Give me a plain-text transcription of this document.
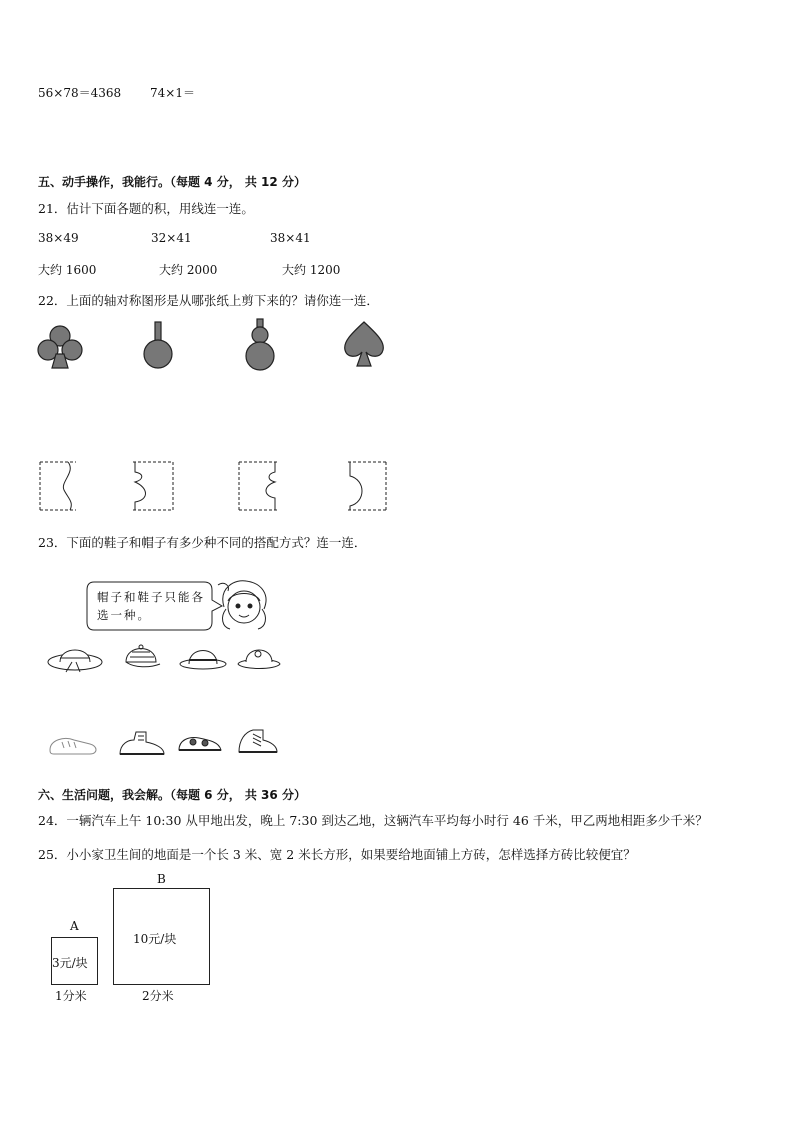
56×78＝4368 74×1＝
五、动手操作，我能行。（每题 4 分， 共 12 分）
21．估计下面各题的积，用线连一连。
38×49	32×41	38×41
大约 1600	大约 2000	大约 1200
22．上面的轴对称图形是从哪张纸上剪下来的？请你连一连．
23．下面的鞋子和帽子有多少种不同的搭配方式？连一连．
帽子和鞋子只能各选一种。
六、生活问题，我会解。（每题 6 分， 共 36 分）
24．一辆汽车上午 10:30 从甲地出发，晚上 7:30 到达乙地，这辆汽车平均每小时行 46 千米，甲乙两地相距多少千米？
25．小小家卫生间的地面是一个长 3 米、宽 2 米长方形，如果要给地面铺上方砖，怎样选择方砖比较便宜？
A
3元/块
1分米
B
10元/块
2分米
